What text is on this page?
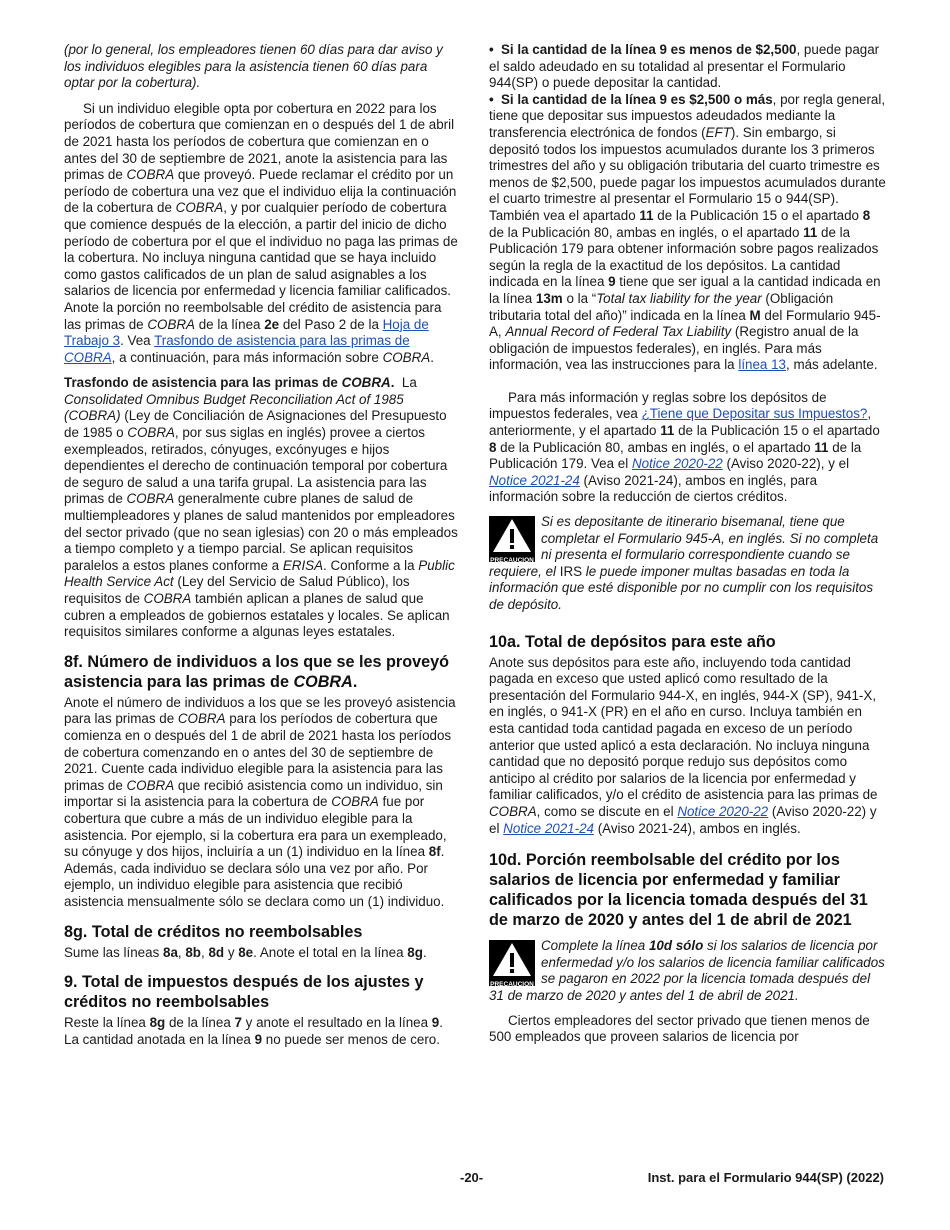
(por lo general, los empleadores tienen 60 días para dar aviso y los individuos elegibles para la asistencia tienen 60 días para optar por la cobertura).

Si un individuo elegible opta por cobertura en 2022 para los períodos de cobertura que comienzan en o después del 1 de abril de 2021 hasta los períodos de cobertura que comienzan en o antes del 30 de septiembre de 2021, anote la asistencia para las primas de COBRA que proveyó. Puede reclamar el crédito por un período de cobertura una vez que el individuo elija la continuación de la cobertura de COBRA, y por cualquier período de cobertura que comience después de la elección, a partir del inicio de dicho período de cobertura por el que el individuo no paga las primas de la cobertura. No incluya ninguna cantidad que se haya incluido como gastos calificados de un plan de salud asignables a los salarios de licencia por enfermedad y licencia familiar calificados. Anote la porción no reembolsable del crédito de asistencia para las primas de COBRA de la línea 2e del Paso 2 de la Hoja de Trabajo 3. Vea Trasfondo de asistencia para las primas de COBRA, a continuación, para más información sobre COBRA.

Trasfondo de asistencia para las primas de COBRA. La Consolidated Omnibus Budget Reconciliation Act of 1985 (COBRA) (Ley de Conciliación de Asignaciones del Presupuesto de 1985 o COBRA, por sus siglas en inglés) provee a ciertos exempleados, retirados, cónyuges, excónyuges e hijos dependientes el derecho de continuación temporal por cobertura de seguro de salud a una tarifa grupal. La asistencia para las primas de COBRA generalmente cubre planes de salud de multiempleadores y planes de salud mantenidos por empleadores del sector privado (que no sean iglesias) con 20 o más empleados a tiempo completo y a tiempo parcial. Se aplican requisitos paralelos a estos planes conforme a ERISA. Conforme a la Public Health Service Act (Ley del Servicio de Salud Público), los requisitos de COBRA también aplican a planes de salud que cubren a empleados de gobiernos estatales y locales. Se aplican requisitos similares conforme a algunas leyes estatales.

8f. Número de individuos a los que se les proveyó asistencia para las primas de COBRA.

Anote el número de individuos a los que se les proveyó asistencia para las primas de COBRA para los períodos de cobertura que comienza en o después del 1 de abril de 2021 hasta los períodos de cobertura comenzando en o antes del 30 de septiembre de 2021. Cuente cada individuo elegible para la asistencia para las primas de COBRA que recibió asistencia como un individuo, sin importar si la asistencia para la cobertura de COBRA fue por cobertura que cubre a más de un individuo elegible para la asistencia. Por ejemplo, si la cobertura era para un exempleado, su cónyuge y dos hijos, incluiría a un (1) individuo en la línea 8f. Además, cada individuo se declara sólo una vez por año. Por ejemplo, un individuo elegible para asistencia que recibió asistencia mensualmente sólo se declara como un (1) individuo.

8g. Total de créditos no reembolsables

Sume las líneas 8a, 8b, 8d y 8e. Anote el total en la línea 8g.

9. Total de impuestos después de los ajustes y créditos no reembolsables

Reste la línea 8g de la línea 7 y anote el resultado en la línea 9. La cantidad anotada en la línea 9 no puede ser menos de cero.

• Si la cantidad de la línea 9 es menos de $2,500, puede pagar el saldo adeudado en su totalidad al presentar el Formulario 944(SP) o puede depositar la cantidad.

• Si la cantidad de la línea 9 es $2,500 o más, por regla general, tiene que depositar sus impuestos adeudados mediante la transferencia electrónica de fondos (EFT). Sin embargo, si depositó todos los impuestos acumulados durante los 3 primeros trimestres del año y su obligación tributaria del cuarto trimestre es menos de $2,500, puede pagar los impuestos acumulados durante el cuarto trimestre al presentar el Formulario 15 o 944(SP). También vea el apartado 11 de la Publicación 15 o el apartado 8 de la Publicación 80, ambas en inglés, o el apartado 11 de la Publicación 179 para obtener información sobre pagos realizados según la regla de la exactitud de los depósitos. La cantidad indicada en la línea 9 tiene que ser igual a la cantidad indicada en la línea 13m o la “Total tax liability for the year (Obligación tributaria total del año)” indicada en la línea M del Formulario 945-A, Annual Record of Federal Tax Liability (Registro anual de la obligación de impuestos federales), en inglés. Para más información, vea las instrucciones para la línea 13, más adelante.

Para más información y reglas sobre los depósitos de impuestos federales, vea ¿Tiene que Depositar sus Impuestos?, anteriormente, y el apartado 11 de la Publicación 15 o el apartado 8 de la Publicación 80, ambas en inglés, o el apartado 11 de la Publicación 179. Vea el Notice 2020-22 (Aviso 2020-22), y el Notice 2021-24 (Aviso 2021-24), ambos en inglés, para información sobre la reducción de ciertos créditos.

PRECAUCION
Si es depositante de itinerario bisemanal, tiene que completar el Formulario 945-A, en inglés. Si no completa ni presenta el formulario correspondiente cuando se requiere, el IRS le puede imponer multas basadas en toda la información que esté disponible por no cumplir con los requisitos de depósito.

10a. Total de depósitos para este año

Anote sus depósitos para este año, incluyendo toda cantidad pagada en exceso que usted aplicó como resultado de la presentación del Formulario 944-X, en inglés, 944-X (SP), 941-X, en inglés, o 941-X (PR) en el año en curso. Incluya también en esta cantidad toda cantidad pagada en exceso de un período anterior que usted aplicó a esta declaración. No incluya ninguna cantidad que no depositó porque redujo sus depósitos como anticipo al crédito por salarios de la licencia por enfermedad y familiar calificados, y/o el crédito de asistencia para las primas de COBRA, como se discute en el Notice 2020-22 (Aviso 2020-22) y el Notice 2021-24 (Aviso 2021-24), ambos en inglés.

10d. Porción reembolsable del crédito por los salarios de licencia por enfermedad y familiar calificados por la licencia tomada después del 31 de marzo de 2020 y antes del 1 de abril de 2021

PRECAUCION
Complete la línea 10d sólo si los salarios de licencia por enfermedad y/o los salarios de licencia familiar calificados se pagaron en 2022 por la licencia tomada después del 31 de marzo de 2020 y antes del 1 de abril de 2021.

Ciertos empleadores del sector privado que tienen menos de 500 empleados que proveen salarios de licencia por

-20-	Inst. para el Formulario 944(SP) (2022)
